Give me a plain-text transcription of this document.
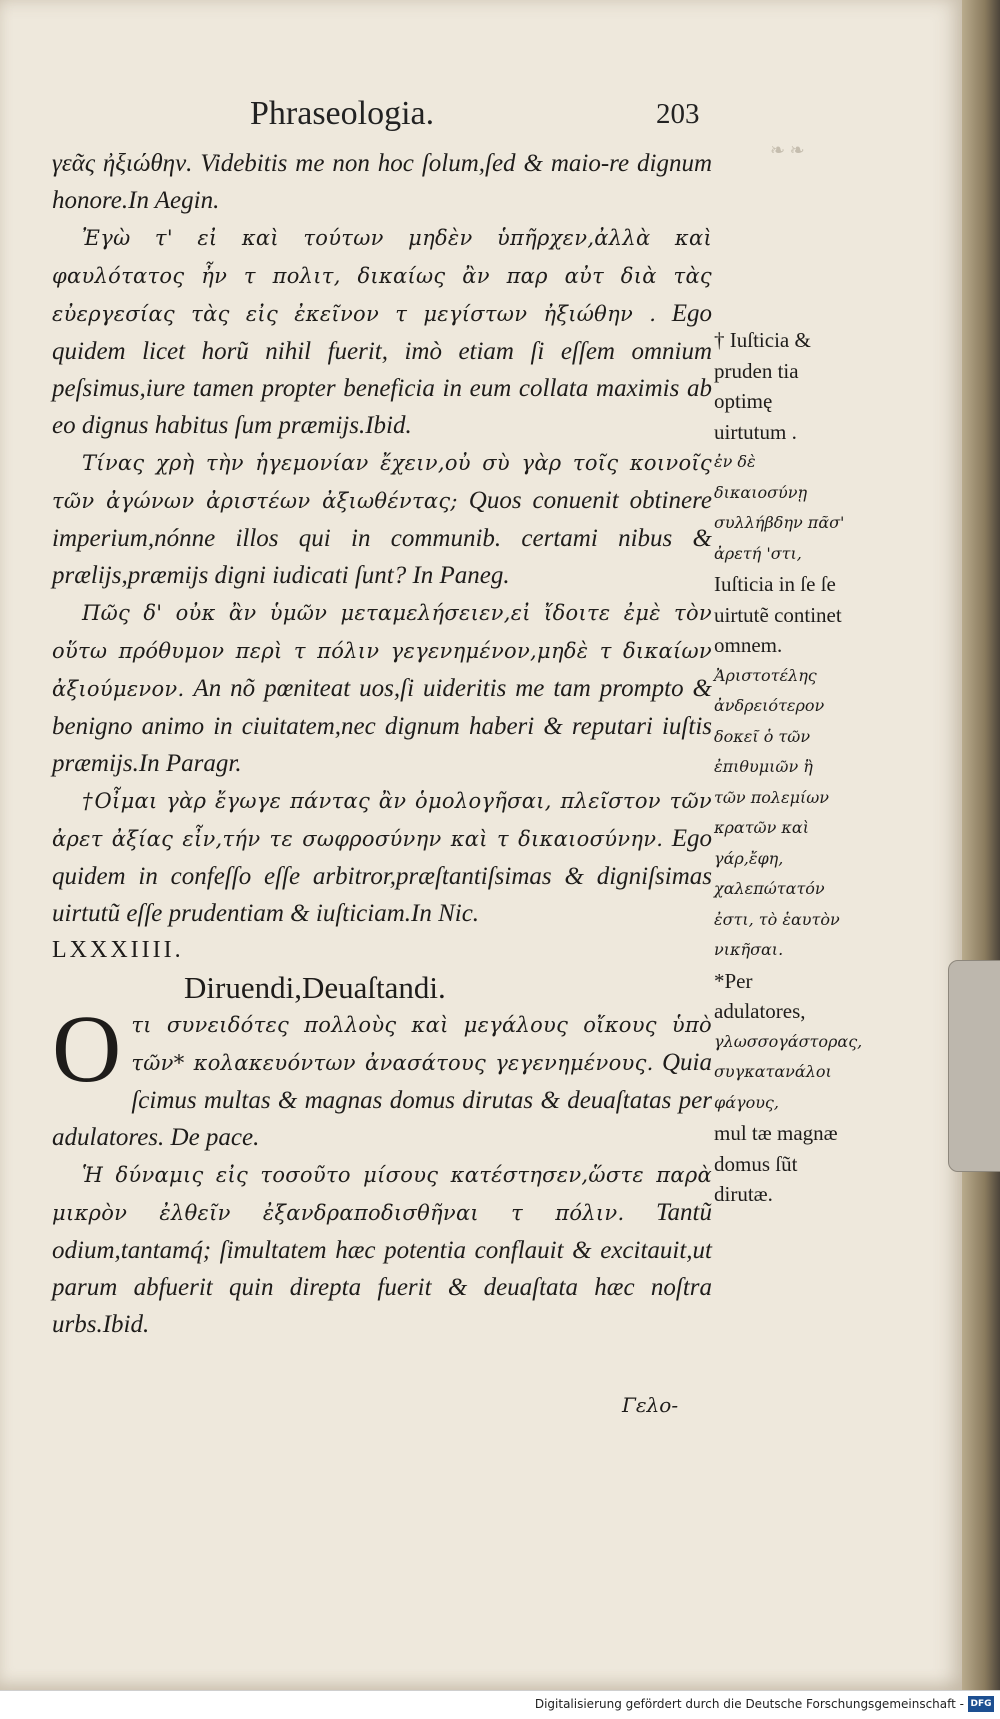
❧ ❧
Phraseologia.	203

γεᾶς ἠξιώθην. Videbitis me non hoc ſolum,ſed & maio-re dignum honore.In Aegin.

Ἐγὼ τ' εἰ καὶ τούτων μηδὲν ὑπῆρχεν,ἀλλὰ καὶ φαυλότατος ἦν τ πολιτ, δικαίως ἂν παρ αὐτ διὰ τὰς εὐεργεσίας τὰς εἰς ἐκεῖνον τ μεγίστων ἠξιώθην . Ego quidem licet horũ nihil fuerit, imò etiam ſi eſſem omnium peſsimus,iure tamen propter beneficia in eum collata maximis ab eo dignus habitus ſum præmijs.Ibid.

Τίνας χρὴ τὴν ἡγεμονίαν ἔχειν,οὐ σὺ γὰρ τοῖς κοινοῖς τῶν ἀγώνων ἀριστέων ἀξιωθέντας; Quos conuenit obtinere imperium,nónne illos qui in communib. certami nibus & prælijs,præmijs digni iudicati ſunt? In Paneg.

Πῶς δ' οὐκ ἂν ὑμῶν μεταμελήσειεν,εἰ ἴδοιτε ἐμὲ τὸν οὕτω πρόθυμον περὶ τ πόλιν γεγενημένον,μηδὲ τ δικαίων ἀξιούμενον. An nõ pœniteat uos,ſi uideritis me tam prompto & benigno animo in ciuitatem,nec dignum haberi & reputari iuſtis præmijs.In Paragr.

†Οἶμαι γὰρ ἔγωγε πάντας ἂν ὁμολογῆσαι, πλεῖστον τῶν ἀρετ ἀξίας εἶν,τήν τε σωφροσύνην καὶ τ δικαιοσύνην. Ego quidem in confeſſo eſſe arbitror,præſtantiſsimas & digniſsimas uirtutũ eſſe prudentiam & iuſticiam.In Nic.

LXXXIIII.

Diruendi,Deuaſtandi.

O τι συνειδότες πολλοὺς καὶ μεγάλους οἴκους ὑπὸ τῶν* κολακευόντων ἀνασάτους γεγενημένους. Quia ſcimus multas & magnas domus dirutas & deuaſtatas per adulatores. De pace.

Ἡ δύναμις εἰς τοσοῦτο μίσους κατέστησεν,ὥστε παρὰ μικρὸν ἐλθεῖν ἐξανδραποδισθῆναι τ πόλιν. Tantũ odium,tantamq́; ſimultatem hæc potentia conflauit & excitauit,ut parum abfuerit quin direpta fuerit & deuaſtata hæc noſtra urbs.Ibid.

Γελο-

† Iuſticia & pruden tia optimę uirtutum .

ἐν δὲ δικαιοσύνῃ συλλήβδην πᾶσ' ἀρετή 'στι,

Iuſticia in ſe ſe uirtutẽ continet omnem.

Ἀριστοτέλης ἀνδρειότερον δοκεῖ ὁ τῶν ἐπιθυμιῶν ἢ τῶν πολεμίων κρατῶν καὶ γάρ,ἔφη, χαλεπώτατόν ἐστι, τὸ ἑαυτὸν νικῆσαι.

*Per adulatores,

γλωσσογάστορας, συγκατανάλοι φάγους,

mul tæ magnæ domus ſũt dirutæ.

Digitalisierung gefördert durch die Deutsche Forschungsgemeinschaft - DFG
